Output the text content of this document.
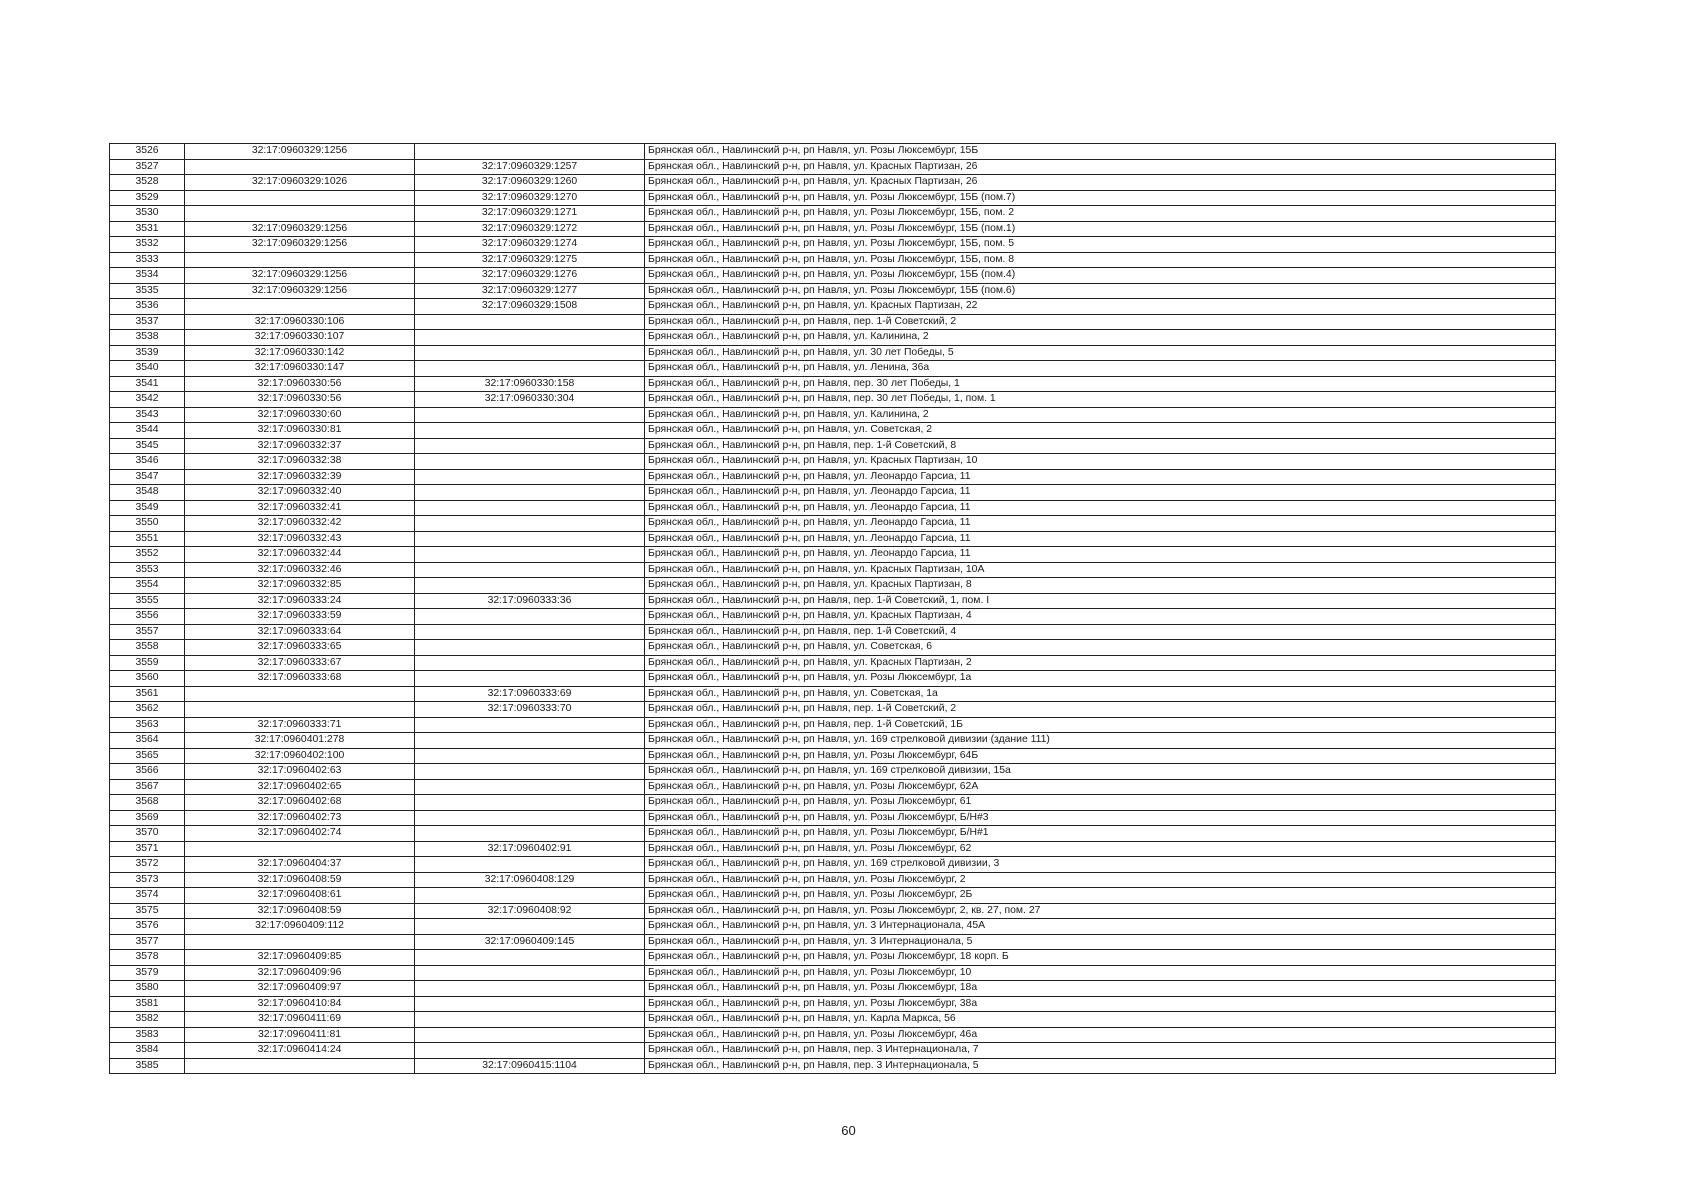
3526	32:17:0960329:1256		Брянская обл., Навлинский р-н, рп Навля, ул. Розы Люксембург, 15Б
3527		32:17:0960329:1257	Брянская обл., Навлинский р-н, рп Навля, ул. Красных Партизан, 26
3528	32:17:0960329:1026	32:17:0960329:1260	Брянская обл., Навлинский р-н, рп Навля, ул. Красных Партизан, 26
3529		32:17:0960329:1270	Брянская обл., Навлинский р-н, рп Навля, ул. Розы Люксембург, 15Б (пом.7)
3530		32:17:0960329:1271	Брянская обл., Навлинский р-н, рп Навля, ул. Розы Люксембург, 15Б, пом. 2
3531	32:17:0960329:1256	32:17:0960329:1272	Брянская обл., Навлинский р-н, рп Навля, ул. Розы Люксембург, 15Б (пом.1)
3532	32:17:0960329:1256	32:17:0960329:1274	Брянская обл., Навлинский р-н, рп Навля, ул. Розы Люксембург, 15Б, пом. 5
3533		32:17:0960329:1275	Брянская обл., Навлинский р-н, рп Навля, ул. Розы Люксембург, 15Б, пом. 8
3534	32:17:0960329:1256	32:17:0960329:1276	Брянская обл., Навлинский р-н, рп Навля, ул. Розы Люксембург, 15Б (пом.4)
3535	32:17:0960329:1256	32:17:0960329:1277	Брянская обл., Навлинский р-н, рп Навля, ул. Розы Люксембург, 15Б (пом.6)
3536		32:17:0960329:1508	Брянская обл., Навлинский р-н, рп Навля, ул. Красных Партизан, 22
3537	32:17:0960330:106		Брянская обл., Навлинский р-н, рп Навля, пер. 1-й Советский, 2
3538	32:17:0960330:107		Брянская обл., Навлинский р-н, рп Навля, ул. Калинина, 2
3539	32:17:0960330:142		Брянская обл., Навлинский р-н, рп Навля, ул. 30 лет Победы, 5
3540	32:17:0960330:147		Брянская обл., Навлинский р-н, рп Навля, ул. Ленина, 36а
3541	32:17:0960330:56	32:17:0960330:158	Брянская обл., Навлинский р-н, рп Навля, пер. 30 лет Победы, 1
3542	32:17:0960330:56	32:17:0960330:304	Брянская обл., Навлинский р-н, рп Навля, пер. 30 лет Победы, 1, пом. 1
3543	32:17:0960330:60		Брянская обл., Навлинский р-н, рп Навля, ул. Калинина, 2
3544	32:17:0960330:81		Брянская обл., Навлинский р-н, рп Навля, ул. Советская, 2
3545	32:17:0960332:37		Брянская обл., Навлинский р-н, рп Навля, пер. 1-й Советский, 8
3546	32:17:0960332:38		Брянская обл., Навлинский р-н, рп Навля, ул. Красных Партизан, 10
3547	32:17:0960332:39		Брянская обл., Навлинский р-н, рп Навля, ул. Леонардо Гарсиа, 11
3548	32:17:0960332:40		Брянская обл., Навлинский р-н, рп Навля, ул. Леонардо Гарсиа, 11
3549	32:17:0960332:41		Брянская обл., Навлинский р-н, рп Навля, ул. Леонардо Гарсиа, 11
3550	32:17:0960332:42		Брянская обл., Навлинский р-н, рп Навля, ул. Леонардо Гарсиа, 11
3551	32:17:0960332:43		Брянская обл., Навлинский р-н, рп Навля, ул. Леонардо Гарсиа, 11
3552	32:17:0960332:44		Брянская обл., Навлинский р-н, рп Навля, ул. Леонардо Гарсиа, 11
3553	32:17:0960332:46		Брянская обл., Навлинский р-н, рп Навля, ул. Красных Партизан, 10А
3554	32:17:0960332:85		Брянская обл., Навлинский р-н, рп Навля, ул. Красных Партизан, 8
3555	32:17:0960333:24	32:17:0960333:36	Брянская обл., Навлинский р-н, рп Навля, пер. 1-й Советский, 1, пом. I
3556	32:17:0960333:59		Брянская обл., Навлинский р-н, рп Навля, ул. Красных Партизан, 4
3557	32:17:0960333:64		Брянская обл., Навлинский р-н, рп Навля, пер. 1-й Советский, 4
3558	32:17:0960333:65		Брянская обл., Навлинский р-н, рп Навля, ул. Советская, 6
3559	32:17:0960333:67		Брянская обл., Навлинский р-н, рп Навля, ул. Красных Партизан, 2
3560	32:17:0960333:68		Брянская обл., Навлинский р-н, рп Навля, ул. Розы Люксембург, 1а
3561		32:17:0960333:69	Брянская обл., Навлинский р-н, рп Навля, ул. Советская, 1а
3562		32:17:0960333:70	Брянская обл., Навлинский р-н, рп Навля, пер. 1-й Советский, 2
3563	32:17:0960333:71		Брянская обл., Навлинский р-н, рп Навля, пер. 1-й Советский, 1Б
3564	32:17:0960401:278		Брянская обл., Навлинский р-н, рп Навля, ул. 169 стрелковой дивизии (здание 111)
3565	32:17:0960402:100		Брянская обл., Навлинский р-н, рп Навля, ул. Розы Люксембург, 64Б
3566	32:17:0960402:63		Брянская обл., Навлинский р-н, рп Навля, ул. 169 стрелковой дивизии, 15а
3567	32:17:0960402:65		Брянская обл., Навлинский р-н, рп Навля, ул. Розы Люксембург, 62А
3568	32:17:0960402:68		Брянская обл., Навлинский р-н, рп Навля, ул. Розы Люксембург, 61
3569	32:17:0960402:73		Брянская обл., Навлинский р-н, рп Навля, ул. Розы Люксембург, Б/Н#3
3570	32:17:0960402:74		Брянская обл., Навлинский р-н, рп Навля, ул. Розы Люксембург, Б/Н#1
3571		32:17:0960402:91	Брянская обл., Навлинский р-н, рп Навля, ул. Розы Люксембург, 62
3572	32:17:0960404:37		Брянская обл., Навлинский р-н, рп Навля, ул. 169 стрелковой дивизии, 3
3573	32:17:0960408:59	32:17:0960408:129	Брянская обл., Навлинский р-н, рп Навля, ул. Розы Люксембург, 2
3574	32:17:0960408:61		Брянская обл., Навлинский р-н, рп Навля, ул. Розы Люксембург, 2Б
3575	32:17:0960408:59	32:17:0960408:92	Брянская обл., Навлинский р-н, рп Навля, ул. Розы Люксембург, 2, кв. 27, пом. 27
3576	32:17:0960409:112		Брянская обл., Навлинский р-н, рп Навля, ул. 3 Интернационала, 45А
3577		32:17:0960409:145	Брянская обл., Навлинский р-н, рп Навля, ул. 3 Интернационала, 5
3578	32:17:0960409:85		Брянская обл., Навлинский р-н, рп Навля, ул. Розы Люксембург, 18 корп. Б
3579	32:17:0960409:96		Брянская обл., Навлинский р-н, рп Навля, ул. Розы Люксембург, 10
3580	32:17:0960409:97		Брянская обл., Навлинский р-н, рп Навля, ул. Розы Люксембург, 18а
3581	32:17:0960410:84		Брянская обл., Навлинский р-н, рп Навля, ул. Розы Люксембург, 38а
3582	32:17:0960411:69		Брянская обл., Навлинский р-н, рп Навля, ул. Карла Маркса, 56
3583	32:17:0960411:81		Брянская обл., Навлинский р-н, рп Навля, ул. Розы Люксембург, 46а
3584	32:17:0960414:24		Брянская обл., Навлинский р-н, рп Навля, пер. 3 Интернационала, 7
3585		32:17:0960415:1104	Брянская обл., Навлинский р-н, рп Навля, пер. 3 Интернационала, 5
60
